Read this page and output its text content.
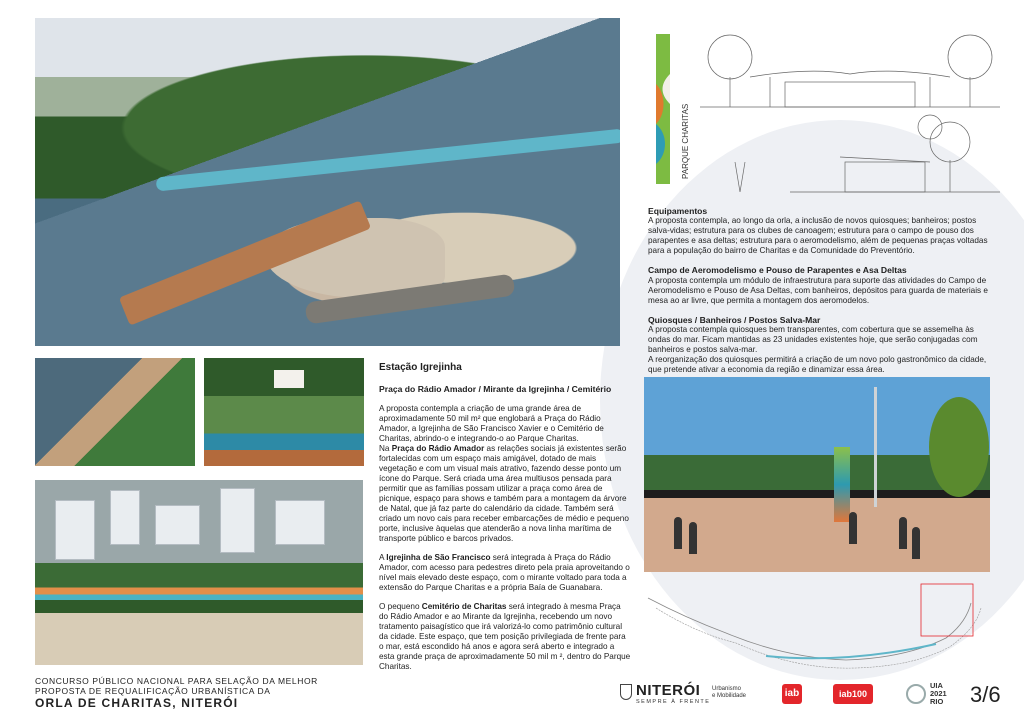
PARQUE CHARITAS
Equipamentos
A proposta contempla, ao longo da orla, a inclusão de novos quiosques; banheiros; postos salva-vidas; estrutura para os clubes de canoagem; estrutura para o campo de pouso dos parapentes e asa deltas; estrutura para o aeromodelismo, além de pequenas praças voltadas para a população do bairro de Charitas e da Comunidade do Preventório.
Campo de Aeromodelismo e Pouso de Parapentes e Asa Deltas
A proposta contempla um módulo de infraestrutura para suporte das atividades do Campo de Aeromodelismo e Pouso de Asa Deltas, com banheiros, depósitos para guarda de materiais e mesa ao ar livre, que permita a montagem dos aeromodelos.
Quiosques / Banheiros / Postos Salva-Mar
A proposta contempla quiosques bem transparentes, com cobertura que se assemelha às ondas do mar. Ficam mantidas as 23 unidades existentes hoje, que serão conjugadas com banheiros e postos salva-mar.
A reorganização dos quiosques permitirá a criação de um novo polo gastronômico da cidade, que pretende ativar a economia da região e dinamizar essa área.
Estação Igrejinha
Praça do Rádio Amador / Mirante da Igrejinha / Cemitério
A proposta contempla a criação de uma grande área de aproximadamente 50 mil m² que englobará a Praça do Rádio Amador, a Igrejinha de São Francisco Xavier e o Cemitério de Charitas, abrindo-o e integrando-o ao Parque Charitas.
Na Praça do Rádio Amador as relações sociais já existentes serão fortalecidas com um espaço mais amigável, dotado de mais vegetação e com um visual mais atrativo, fazendo desse ponto um ícone do Parque. Será criada uma área multiusos pensada para permitir que as famílias possam utilizar a praça como área de picnique, espaço para shows e também para a montagem da árvore de Natal, que já faz parte do calendário da cidade. Também será criado um novo cais para receber embarcações de médio e pequeno porte, inclusive àquelas que atenderão a nova linha marítima de transporte público e barcos privados.
A Igrejinha de São Francisco será integrada à Praça do Rádio Amador, com acesso para pedestres direto pela praia aproveitando o nível mais elevado deste espaço, com o mirante voltado para toda a extensão do Parque Charitas e a própria Baía de Guanabara.
O pequeno Cemitério de Charitas será integrado à mesma Praça do Rádio Amador e ao Mirante da Igrejinha, recebendo um novo tratamento paisagístico que irá valorizá-lo como patrimônio cultural da cidade. Este espaço, que tem posição privilegiada de frente para o mar, está escondido há anos e agora será aberto e integrado a esta grande praça de aproximadamente 50 mil m ², dentro do Parque Charitas.
CONCURSO PÚBLICO NACIONAL PARA SELAÇÃO DA MELHOR
PROPOSTA DE REQUALIFICAÇÃO URBANÍSTICA DA
ORLA DE CHARITAS, NITERÓI
NITERÓI
SEMPRE À FRENTE
Urbanismo
e Mobilidade	iab	iab100
UIA
2021
RIO 3/6
